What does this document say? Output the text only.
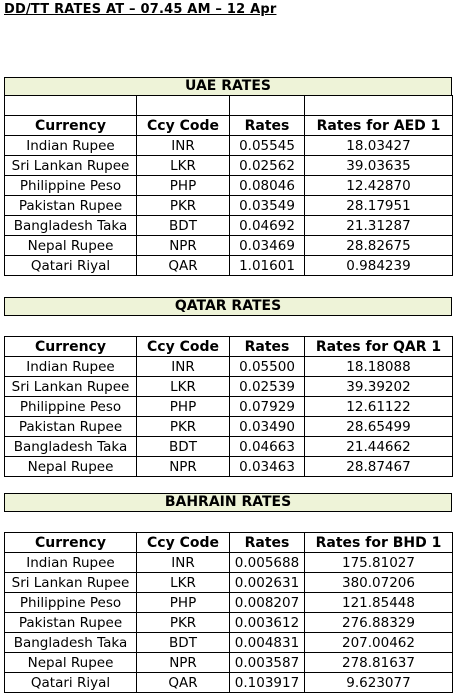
DD/TT RATES AT – 07.45 AM – 12 Apr
UAE RATES

Currency	Ccy Code	Rates	Rates for AED 1
Indian Rupee	INR	0.05545	18.03427
Sri Lankan Rupee	LKR	0.02562	39.03635
Philippine Peso	PHP	0.08046	12.42870
Pakistan Rupee	PKR	0.03549	28.17951
Bangladesh Taka	BDT	0.04692	21.31287
Nepal Rupee	NPR	0.03469	28.82675
Qatari Riyal	QAR	1.01601	0.984239
QATAR RATES
Currency	Ccy Code	Rates	Rates for QAR 1
Indian Rupee	INR	0.05500	18.18088
Sri Lankan Rupee	LKR	0.02539	39.39202
Philippine Peso	PHP	0.07929	12.61122
Pakistan Rupee	PKR	0.03490	28.65499
Bangladesh Taka	BDT	0.04663	21.44662
Nepal Rupee	NPR	0.03463	28.87467
BAHRAIN RATES
Currency	Ccy Code	Rates	Rates for BHD 1
Indian Rupee	INR	0.005688	175.81027
Sri Lankan Rupee	LKR	0.002631	380.07206
Philippine Peso	PHP	0.008207	121.85448
Pakistan Rupee	PKR	0.003612	276.88329
Bangladesh Taka	BDT	0.004831	207.00462
Nepal Rupee	NPR	0.003587	278.81637
Qatari Riyal	QAR	0.103917	9.623077
